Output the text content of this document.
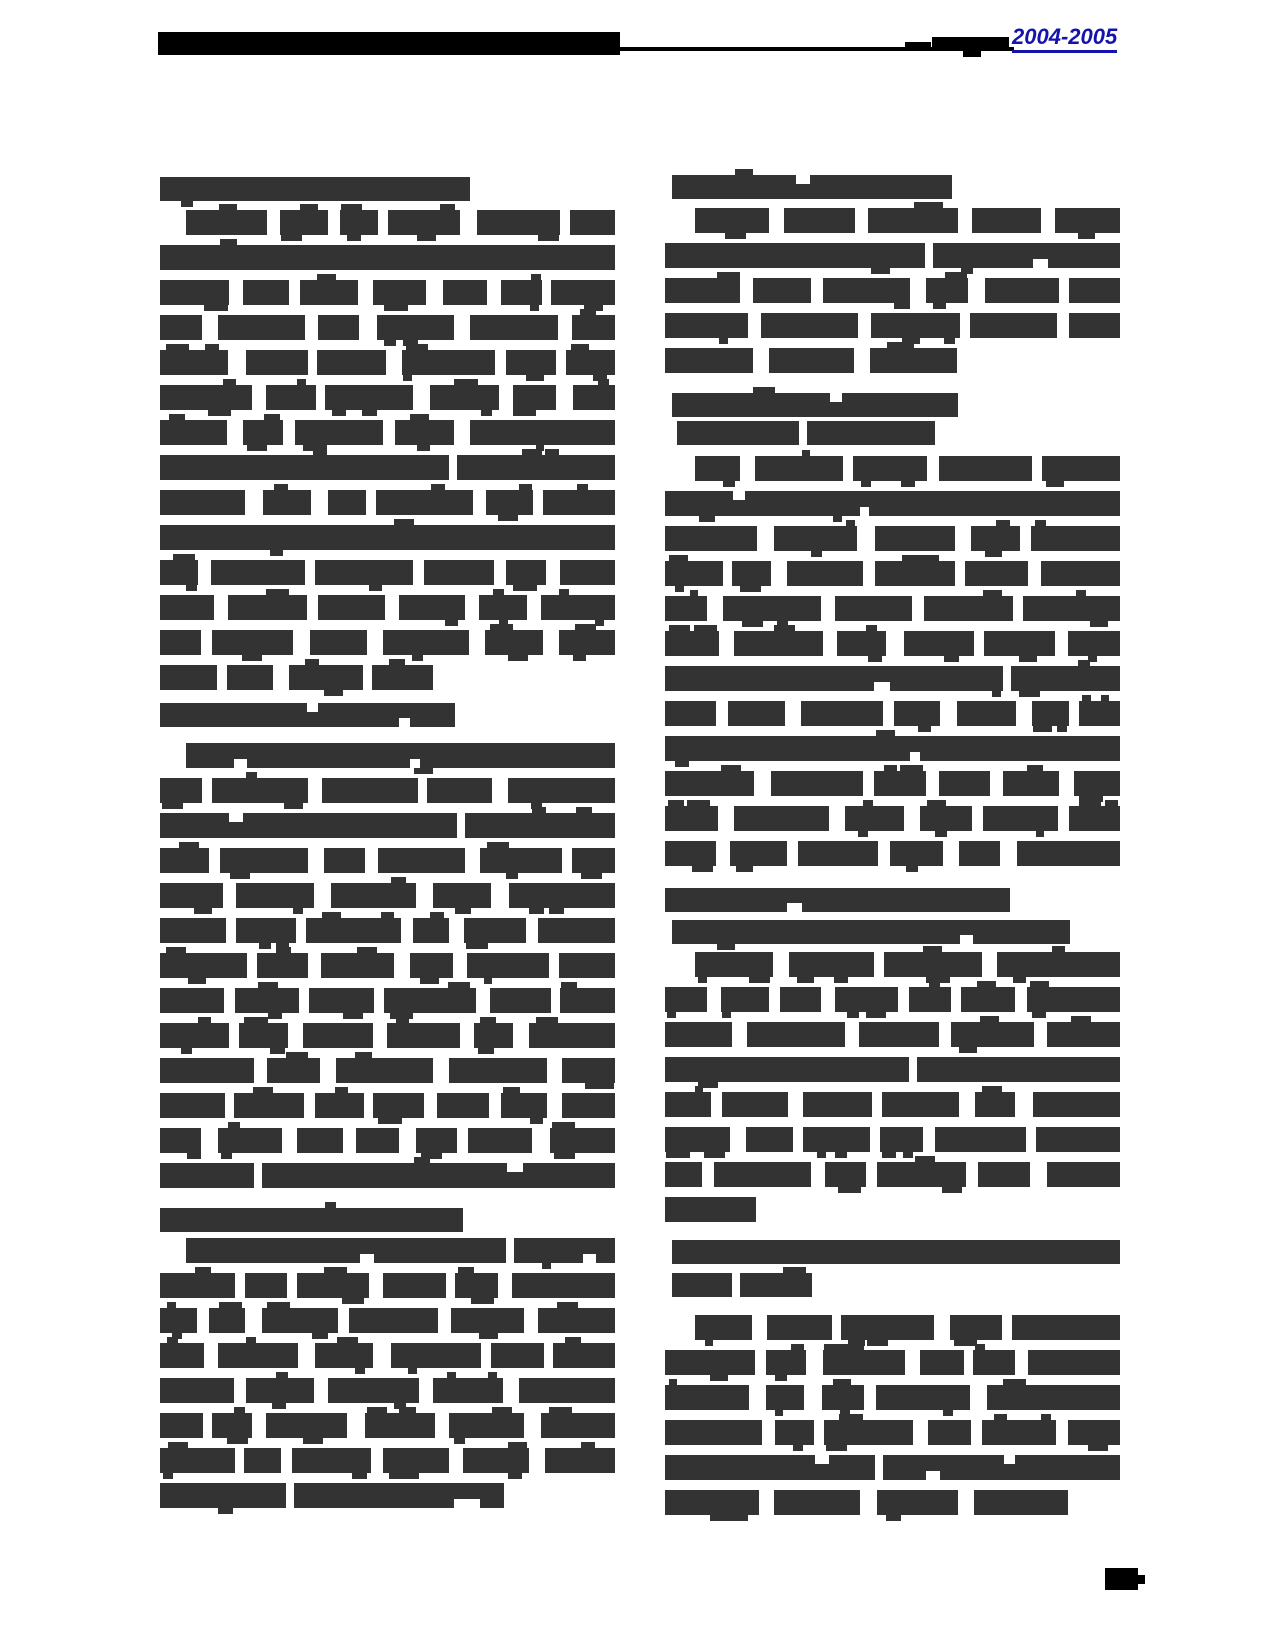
2004-2005
